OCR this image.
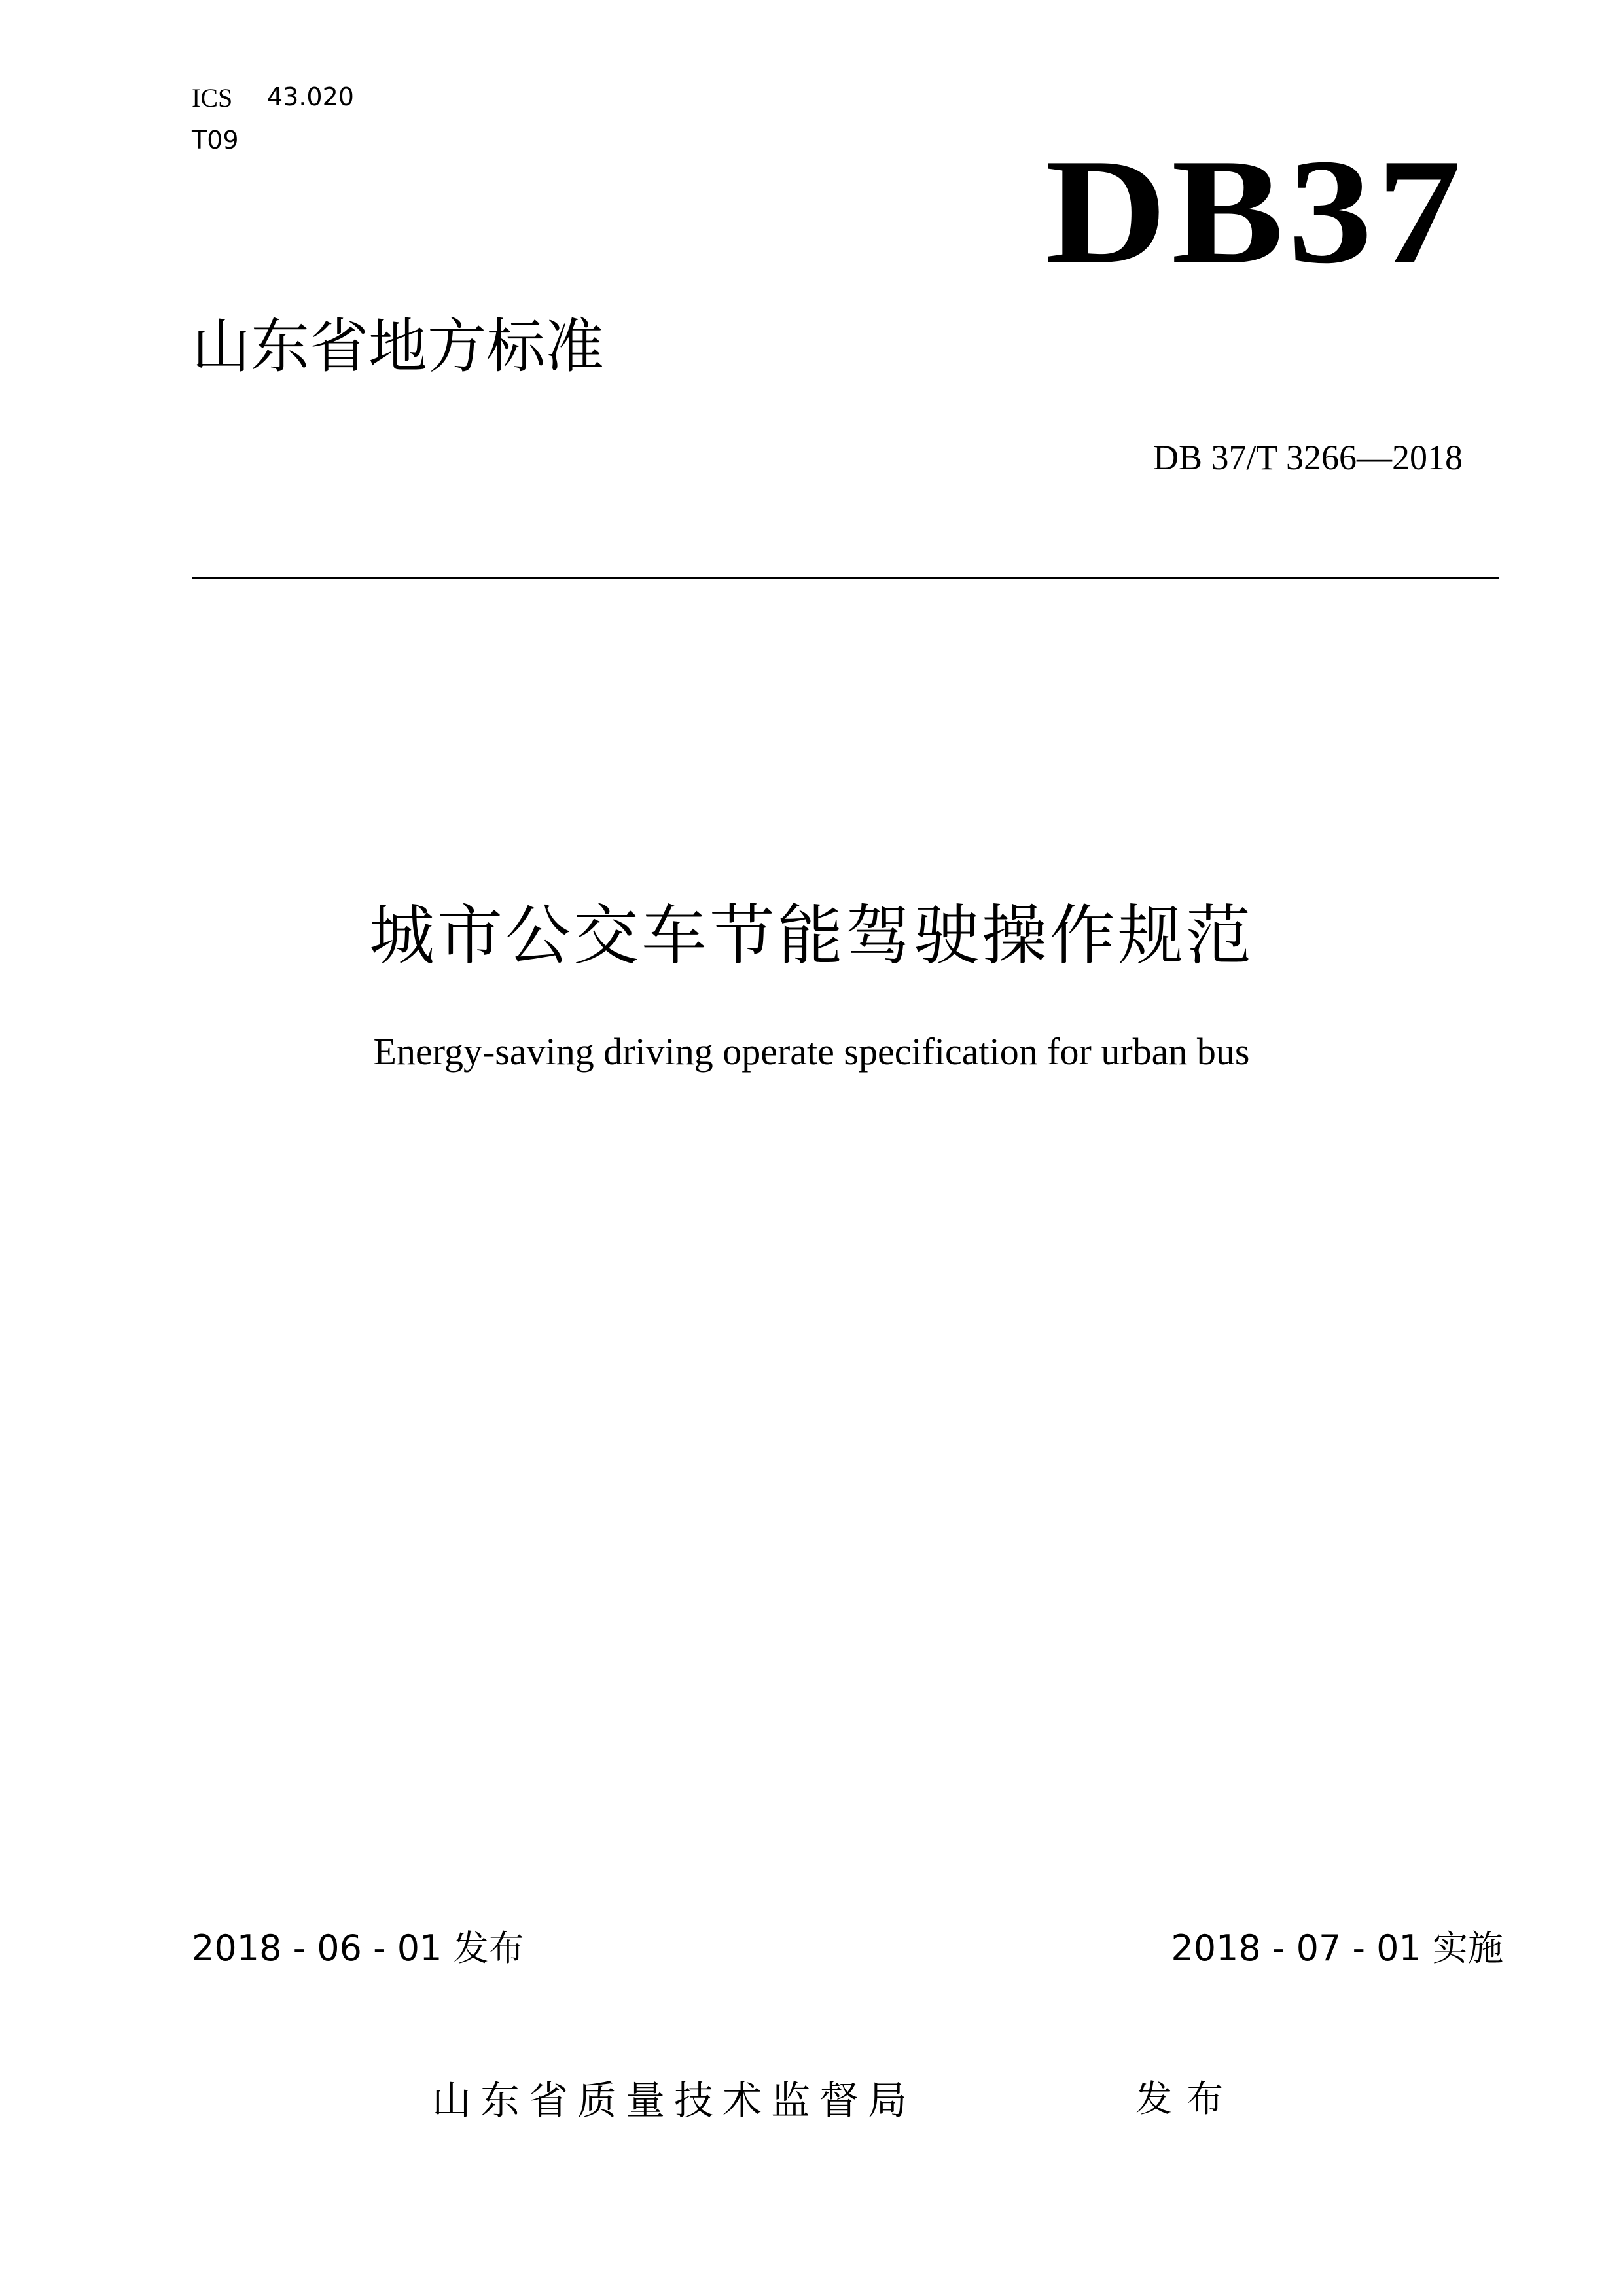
ICS 43.020
T09	DB37
山东省地方标准
DB 37/T 3266—2018
城市公交车节能驾驶操作规范
Energy-saving driving operate specification for urban bus
2018 - 06 - 01 发布	2018 - 07 - 01 实施
山东省质量技术监督局	发布
